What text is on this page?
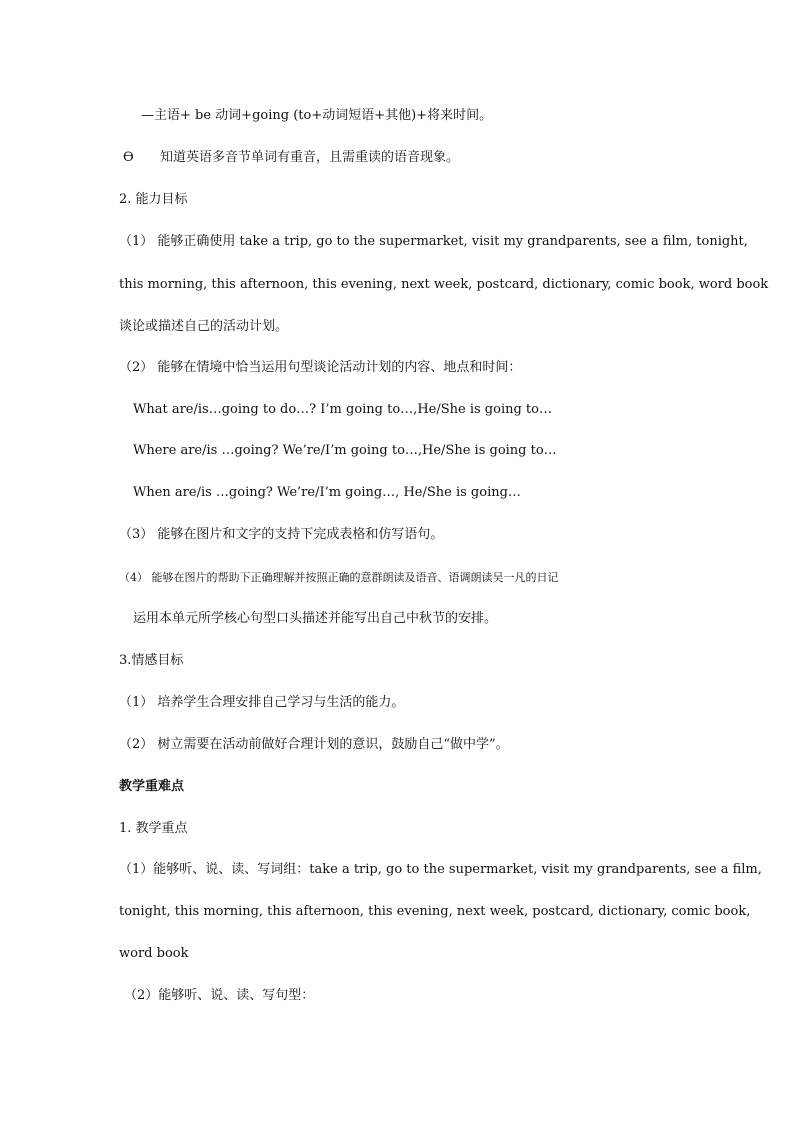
—主语+ be 动词+going (to+动词短语+其他)+将来时间。
ϴ 知道英语多音节单词有重音，且需重读的语音现象。
2. 能力目标
（1） 能够正确使用 take a trip, go to the supermarket, visit my grandparents, see a film, tonight,
this morning, this afternoon, this evening, next week, postcard, dictionary, comic book, word book
谈论或描述自己的活动计划。
（2） 能够在情境中恰当运用句型谈论活动计划的内容、地点和时间：
What are/is…going to do…? I’m going to…,He/She is going to…
Where are/is …going? We’re/I’m going to…,He/She is going to…
When are/is …going? We’re/I’m going…, He/She is going…
（3） 能够在图片和文字的支持下完成表格和仿写语句。
（4） 能够在图片的帮助下正确理解并按照正确的意群朗读及语音、语调朗读吴一凡的日记
运用本单元所学核心句型口头描述并能写出自己中秋节的安排。
3.情感目标
（1） 培养学生合理安排自己学习与生活的能力。
（2） 树立需要在活动前做好合理计划的意识，鼓励自己“做中学”。
教学重难点
1. 教学重点
（1）能够听、说、读、写词组：take a trip, go to the supermarket, visit my grandparents, see a film,
tonight, this morning, this afternoon, this evening, next week, postcard, dictionary, comic book,
word book
（2）能够听、说、读、写句型：
